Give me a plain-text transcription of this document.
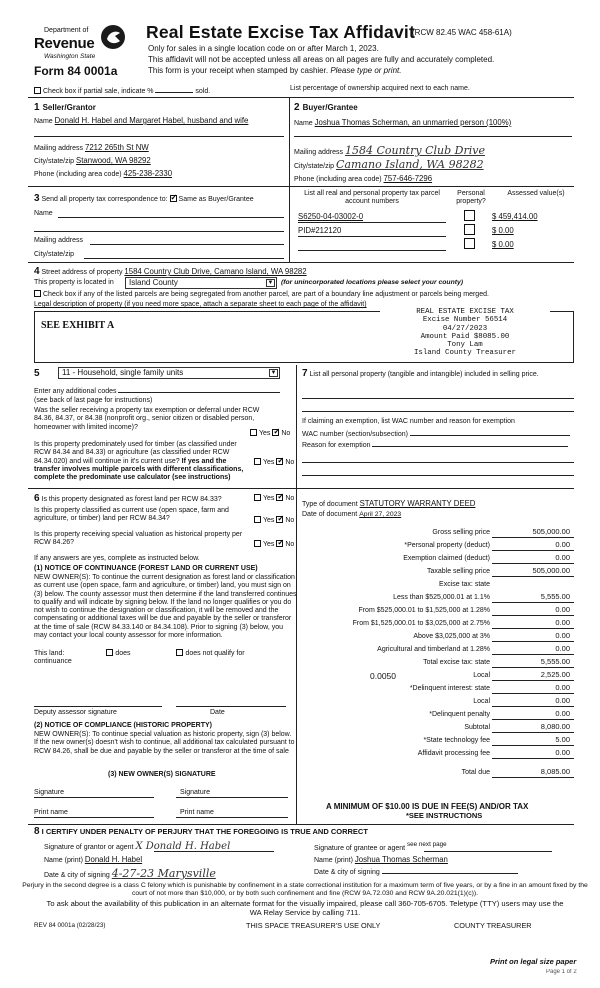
Department of
Revenue
Washington State
Form 84 0001a
Real Estate Excise Tax Affidavit
(RCW 82.45 WAC 458-61A)
Only for sales in a single location code on or after March 1, 2023.
This affidavit will not be accepted unless all areas on all pages are fully and accurately completed.
This form is your receipt when stamped by cashier. Please type or print.
Check box if partial sale, indicate %	sold.	List percentage of ownership acquired next to each name.
1 Seller/Grantor
Name Donald H. Habel and Margaret Habel, husband and wife
Mailing address 7212 265th St NW
City/state/zip Stanwood, WA 98292
Phone (including area code) 425-238-2330
2 Buyer/Grantee
Name Joshua Thomas Scherman, an unmarried person (100%)
Mailing address 1584 Country Club Drive
City/state/zip Camano Island, WA 98282
Phone (including area code) 757-646-7296
3 Send all property tax correspondence to: ✓ Same as Buyer/Grantee
Name
Mailing address
City/state/zip
List all real and personal property tax parcel account numbers
Personal property?
Assessed value(s)
S6250-04-03002-0	$ 459,414.00
PID#212120	$ 0.00
$ 0.00
4 Street address of property 1584 Country Club Drive, Camano Island, WA 98282
This property is located in Island County	▼ (for unincorporated locations please select your county)
Check box if any of the listed parcels are being segregated from another parcel, are part of a boundary line adjustment or parcels being merged.
Legal description of property (if you need more space, attach a separate sheet to each page of the affidavit)
SEE EXHIBIT A
REAL ESTATE EXCISE TAX
Excise Number 56514
04/27/2023
Amount Paid $8085.00
Tony Lam
Island County Treasurer
5	11 - Household, single family units	▼
Enter any additional codes
(see back of last page for instructions)
Was the seller receiving a property tax exemption or deferral under RCW 84.36, 84.37, or 84.38 (nonprofit org., senior citizen or disabled person, homeowner with limited income)?
Yes ✓ No
Is this property predominately used for timber (as classified under RCW 84.34 and 84.33) or agriculture (as classified under RCW 84.34.020) and will continue in it's current use? If yes and the transfer involves multiple parcels with different classifications, complete the predominate use calculator (see instructions)
Yes ✓ No
7 List all personal property (tangible and intangible) included in selling price.
If claiming an exemption, list WAC number and reason for exemption
WAC number (section/subsection)
Reason for exemption
6 Is this property designated as forest land per RCW 84.33?	Yes ✓ No
Is this property classified as current use (open space, farm and agriculture, or timber) land per RCW 84.34?	Yes ✓ No
Is this property receiving special valuation as historical property per RCW 84.26?	Yes ✓ No
If any answers are yes, complete as instructed below.
(1) NOTICE OF CONTINUANCE (FOREST LAND OR CURRENT USE)
NEW OWNER(S): To continue the current designation as forest land or classification as current use (open space, farm and agriculture, or timber) land, you must sign on (3) below. The county assessor must then determine if the land transferred continues to qualify and will indicate by signing below. If the land no longer qualifies or you do not wish to continue the designation or classification, it will be removed and the compensating or additional taxes will be due and payable by the seller or transferor at the time of sale (RCW 84.33.140 or 84.34.108). Prior to signing (3) below, you may contact your local county assessor for more information.
This land:	does	does not qualify for
continuance
Deputy assessor signature	Date
(2) NOTICE OF COMPLIANCE (HISTORIC PROPERTY)
NEW OWNER(S): To continue special valuation as historic property, sign (3) below. If the new owner(s) doesn't wish to continue, all additional tax calculated pursuant to RCW 84.26, shall be due and payable by the seller or transferor at the time of sale
(3) NEW OWNER(S) SIGNATURE
Signature	Signature
Print name	Print name
Type of document STATUTORY WARRANTY DEED
Date of document April 27, 2023
Gross selling price	505,000.00
*Personal property (deduct)	0.00
Exemption claimed (deduct)	0.00
Taxable selling price	505,000.00
Excise tax: state
Less than $525,000.01 at 1.1%	5,555.00
From $525,000.01 to $1,525,000 at 1.28%	0.00
From $1,525,000.01 to $3,025,000 at 2.75%	0.00
Above $3,025,000 at 3%	0.00
Agricultural and timberland at 1.28%	0.00
Total excise tax: state	5,555.00
0.0050	Local	2,525.00
*Delinquent interest: state	0.00
Local	0.00
*Delinquent penalty	0.00
Subtotal	8,080.00
*State technology fee	5.00
Affidavit processing fee	0.00
Total due	8,085.00
A MINIMUM OF $10.00 IS DUE IN FEE(S) AND/OR TAX
*SEE INSTRUCTIONS
8 I CERTIFY UNDER PENALTY OF PERJURY THAT THE FOREGOING IS TRUE AND CORRECT
Signature of grantor or agent X Donald H. Habel
Name (print) Donald H. Habel
Date & city of signing 4-27-23 Marysville
Signature of grantee or agent see next page
Name (print) Joshua Thomas Scherman
Date & city of signing
Perjury in the second degree is a class C felony which is punishable by confinement in a state correctional institution for a maximum term of five years, or by a fine in an amount fixed by the court of not more than $10,000, or by both such confinement and fine (RCW 9A.72.030 and RCW 9A.20.021(1)(c)).
To ask about the availability of this publication in an alternate format for the visually impaired, please call 360-705-6705. Teletype (TTY) users may use the WA Relay Service by calling 711.
REV 84 0001a (02/28/23)	THIS SPACE TREASURER'S USE ONLY	COUNTY TREASURER
Print on legal size paper
Page 1 of 2
